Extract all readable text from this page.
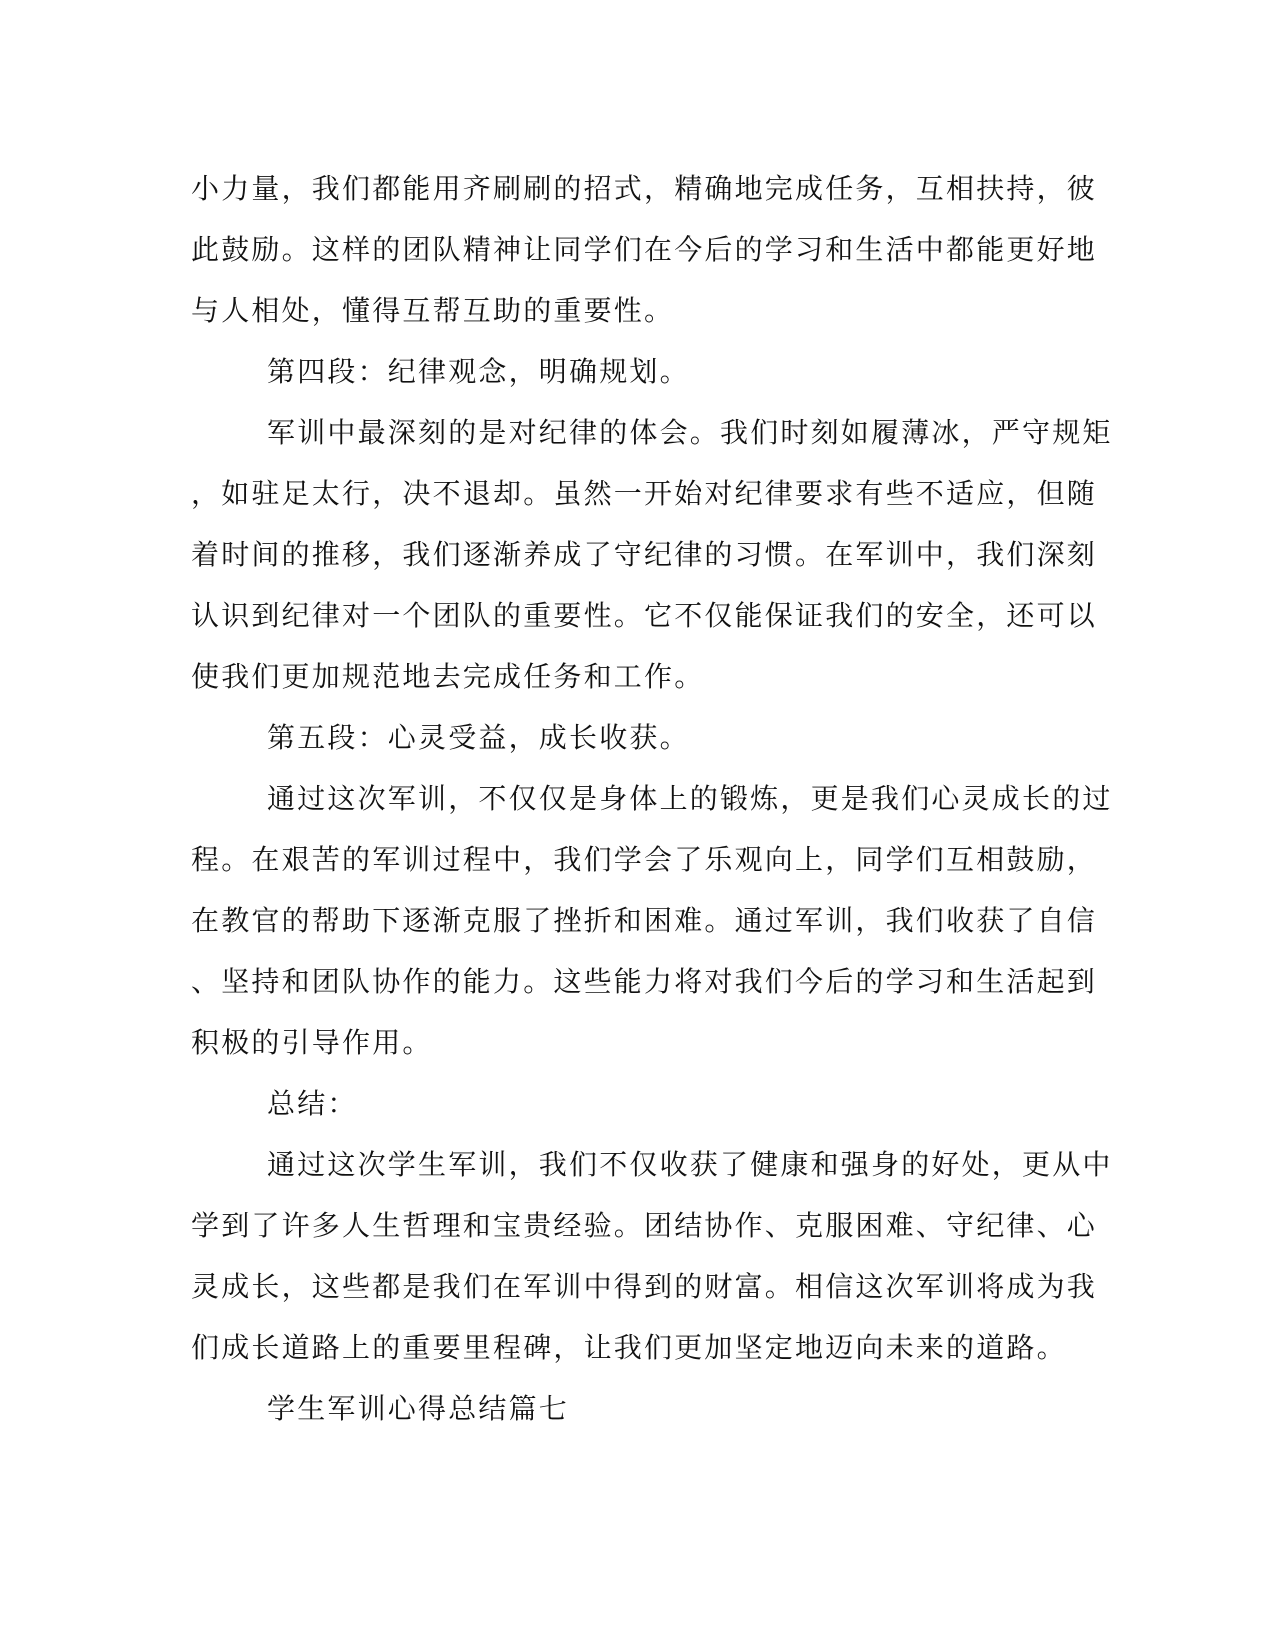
小力量，我们都能用齐刷刷的招式，精确地完成任务，互相扶持，彼
此鼓励。这样的团队精神让同学们在今后的学习和生活中都能更好地
与人相处，懂得互帮互助的重要性。
第四段：纪律观念，明确规划。
军训中最深刻的是对纪律的体会。我们时刻如履薄冰，严守规矩
，如驻足太行，决不退却。虽然一开始对纪律要求有些不适应，但随
着时间的推移，我们逐渐养成了守纪律的习惯。在军训中，我们深刻
认识到纪律对一个团队的重要性。它不仅能保证我们的安全，还可以
使我们更加规范地去完成任务和工作。
第五段：心灵受益，成长收获。
通过这次军训，不仅仅是身体上的锻炼，更是我们心灵成长的过
程。在艰苦的军训过程中，我们学会了乐观向上，同学们互相鼓励，
在教官的帮助下逐渐克服了挫折和困难。通过军训，我们收获了自信
、坚持和团队协作的能力。这些能力将对我们今后的学习和生活起到
积极的引导作用。
总结：
通过这次学生军训，我们不仅收获了健康和强身的好处，更从中
学到了许多人生哲理和宝贵经验。团结协作、克服困难、守纪律、心
灵成长，这些都是我们在军训中得到的财富。相信这次军训将成为我
们成长道路上的重要里程碑，让我们更加坚定地迈向未来的道路。
学生军训心得总结篇七
